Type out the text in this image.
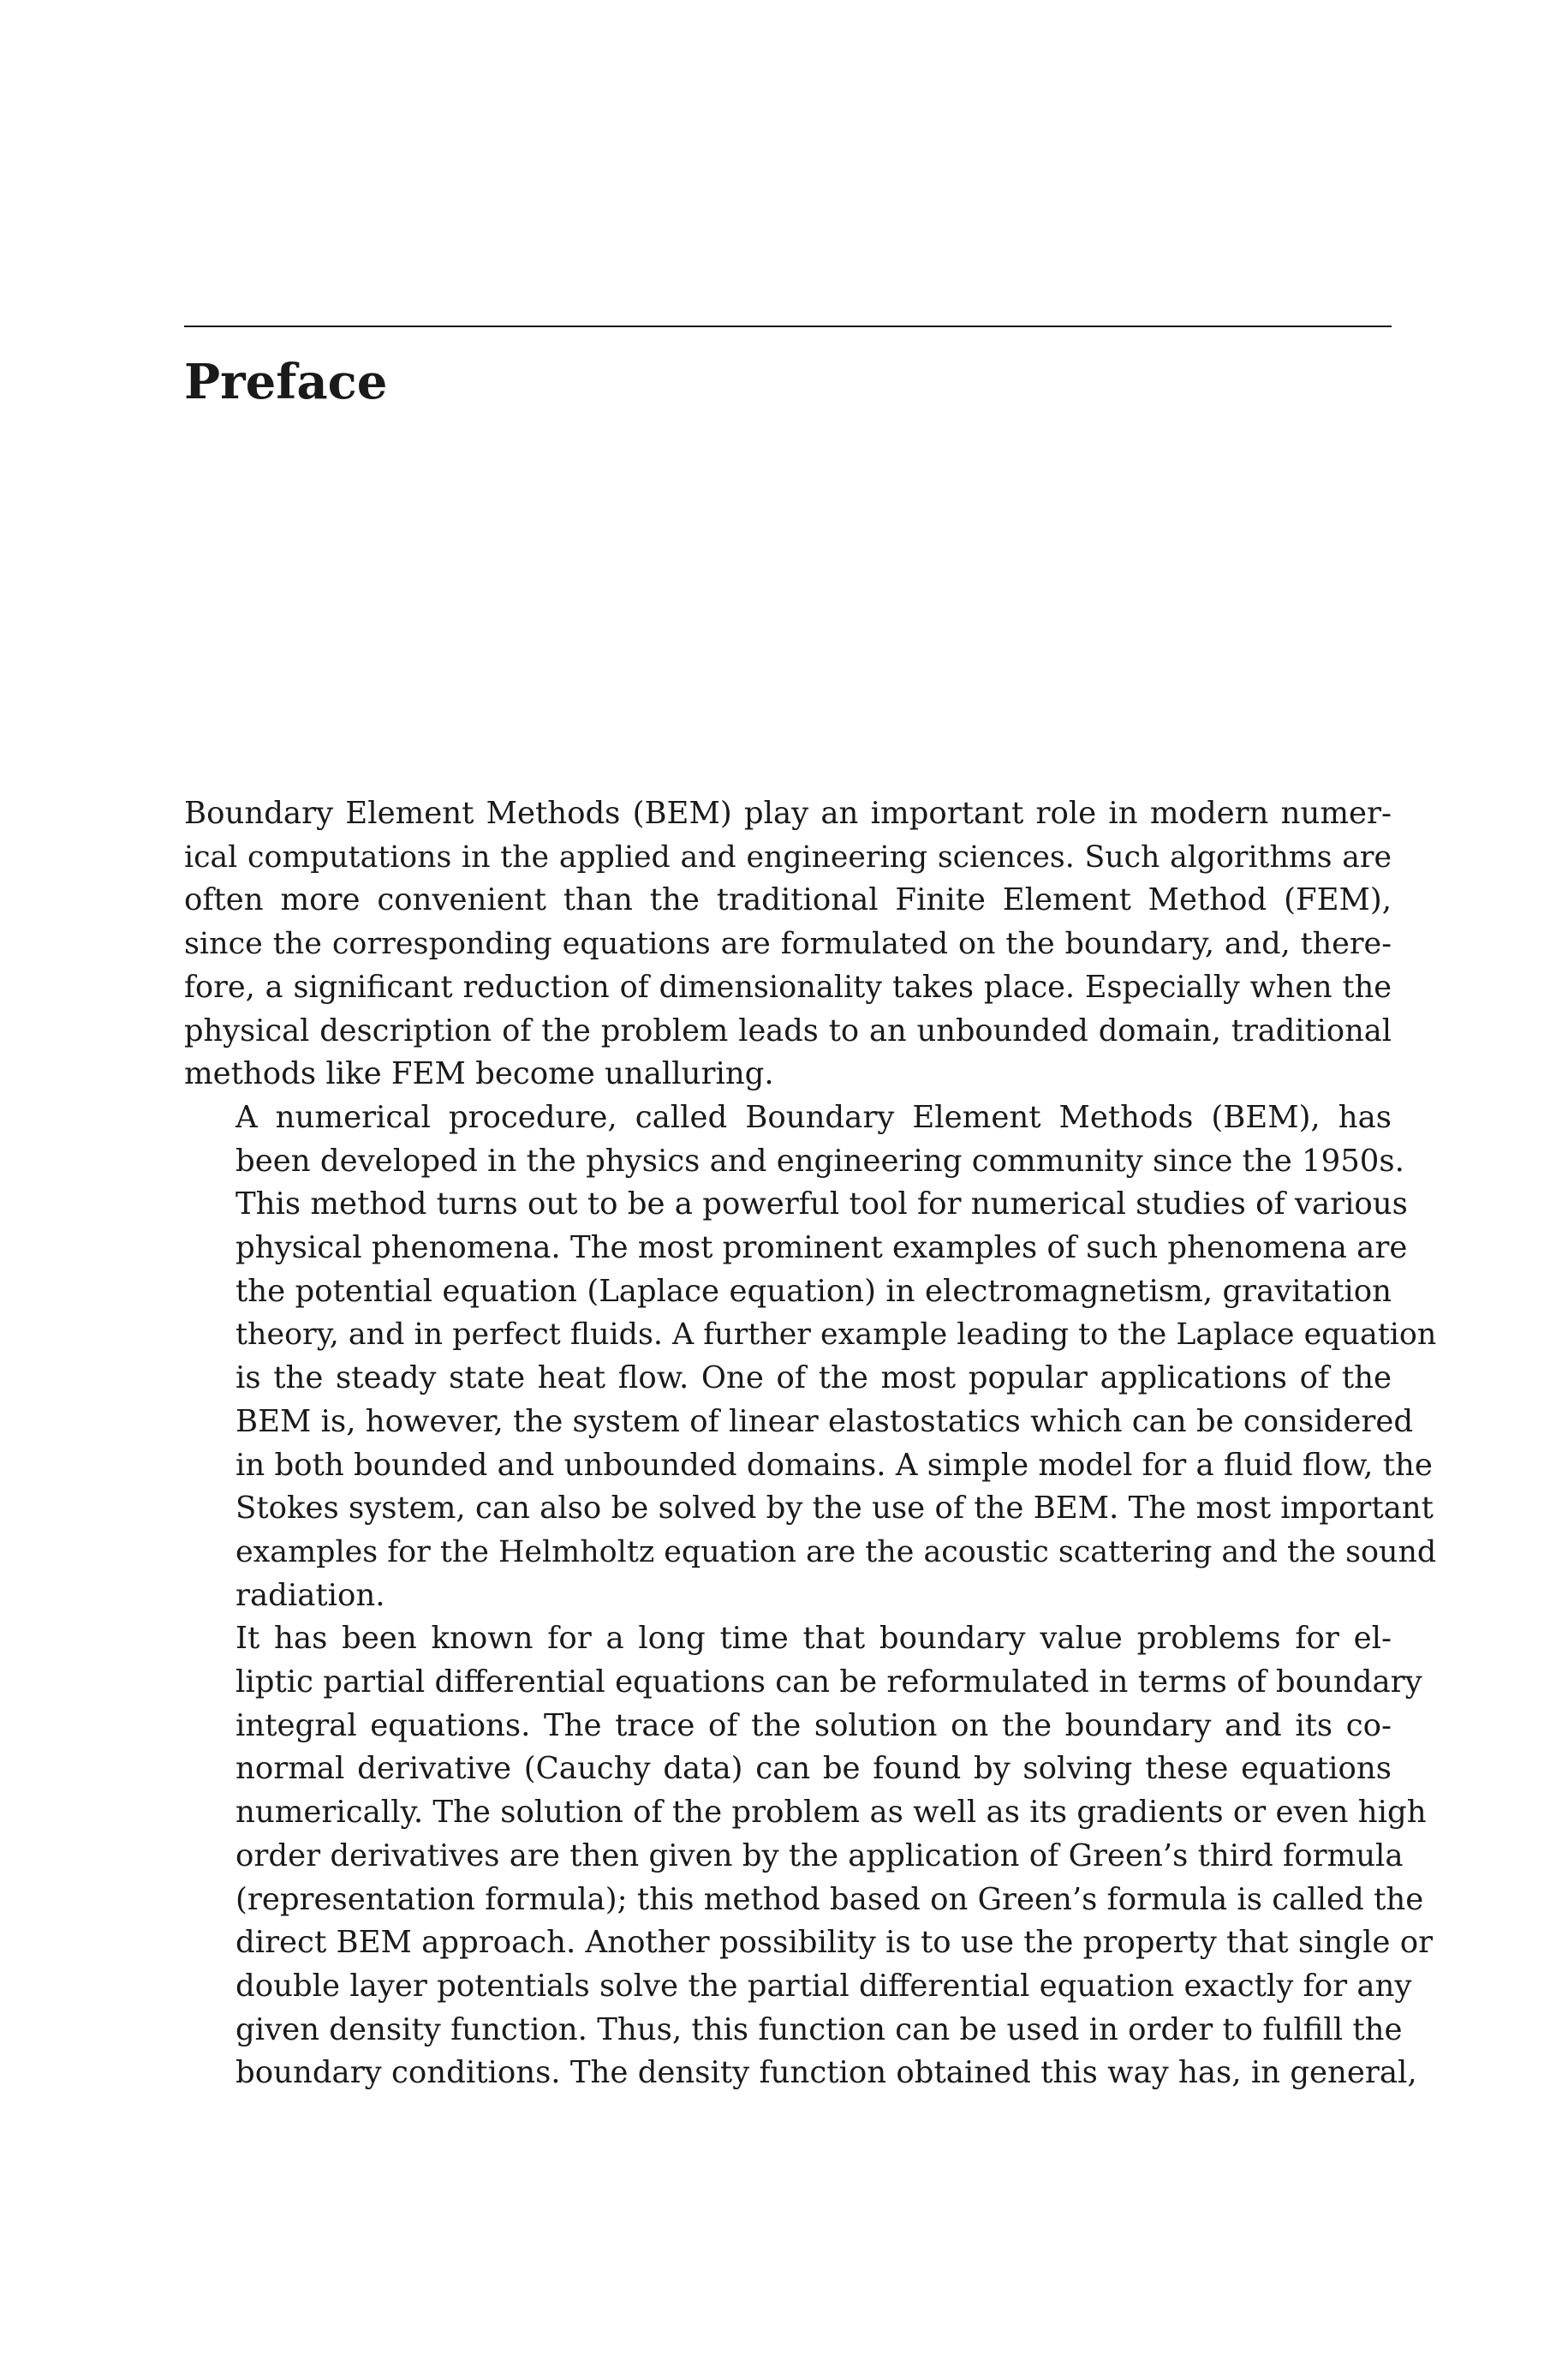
Preface

Boundary Element Methods (BEM) play an important role in modern numer-
ical computations in the applied and engineering sciences. Such algorithms are
often more convenient than the traditional Finite Element Method (FEM),
since the corresponding equations are formulated on the boundary, and, there-
fore, a significant reduction of dimensionality takes place. Especially when the
physical description of the problem leads to an unbounded domain, traditional
methods like FEM become unalluring.

A numerical procedure, called Boundary Element Methods (BEM), has
been developed in the physics and engineering community since the 1950s.
This method turns out to be a powerful tool for numerical studies of various
physical phenomena. The most prominent examples of such phenomena are
the potential equation (Laplace equation) in electromagnetism, gravitation
theory, and in perfect fluids. A further example leading to the Laplace equation
is the steady state heat flow. One of the most popular applications of the
BEM is, however, the system of linear elastostatics which can be considered
in both bounded and unbounded domains. A simple model for a fluid flow, the
Stokes system, can also be solved by the use of the BEM. The most important
examples for the Helmholtz equation are the acoustic scattering and the sound
radiation.

It has been known for a long time that boundary value problems for el-
liptic partial differential equations can be reformulated in terms of boundary
integral equations. The trace of the solution on the boundary and its co-
normal derivative (Cauchy data) can be found by solving these equations
numerically. The solution of the problem as well as its gradients or even high
order derivatives are then given by the application of Green’s third formula
(representation formula); this method based on Green’s formula is called the
direct BEM approach. Another possibility is to use the property that single or
double layer potentials solve the partial differential equation exactly for any
given density function. Thus, this function can be used in order to fulfill the
boundary conditions. The density function obtained this way has, in general,
